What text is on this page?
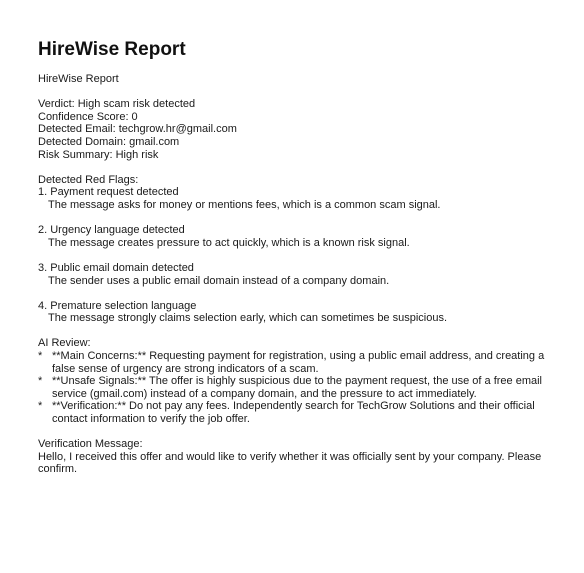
HireWise Report
HireWise Report
Verdict: High scam risk detected
Confidence Score: 0
Detected Email: techgrow.hr@gmail.com
Detected Domain: gmail.com
Risk Summary: High risk
Detected Red Flags:
1. Payment request detected
The message asks for money or mentions fees, which is a common scam signal.
2. Urgency language detected
The message creates pressure to act quickly, which is a known risk signal.
3. Public email domain detected
The sender uses a public email domain instead of a company domain.
4. Premature selection language
The message strongly claims selection early, which can sometimes be suspicious.
AI Review:
* **Main Concerns:** Requesting payment for registration, using a public email address, and creating a false sense of urgency are strong indicators of a scam.
* **Unsafe Signals:** The offer is highly suspicious due to the payment request, the use of a free email service (gmail.com) instead of a company domain, and the pressure to act immediately.
* **Verification:** Do not pay any fees. Independently search for TechGrow Solutions and their official contact information to verify the job offer.
Verification Message:
Hello, I received this offer and would like to verify whether it was officially sent by your company. Please confirm.
